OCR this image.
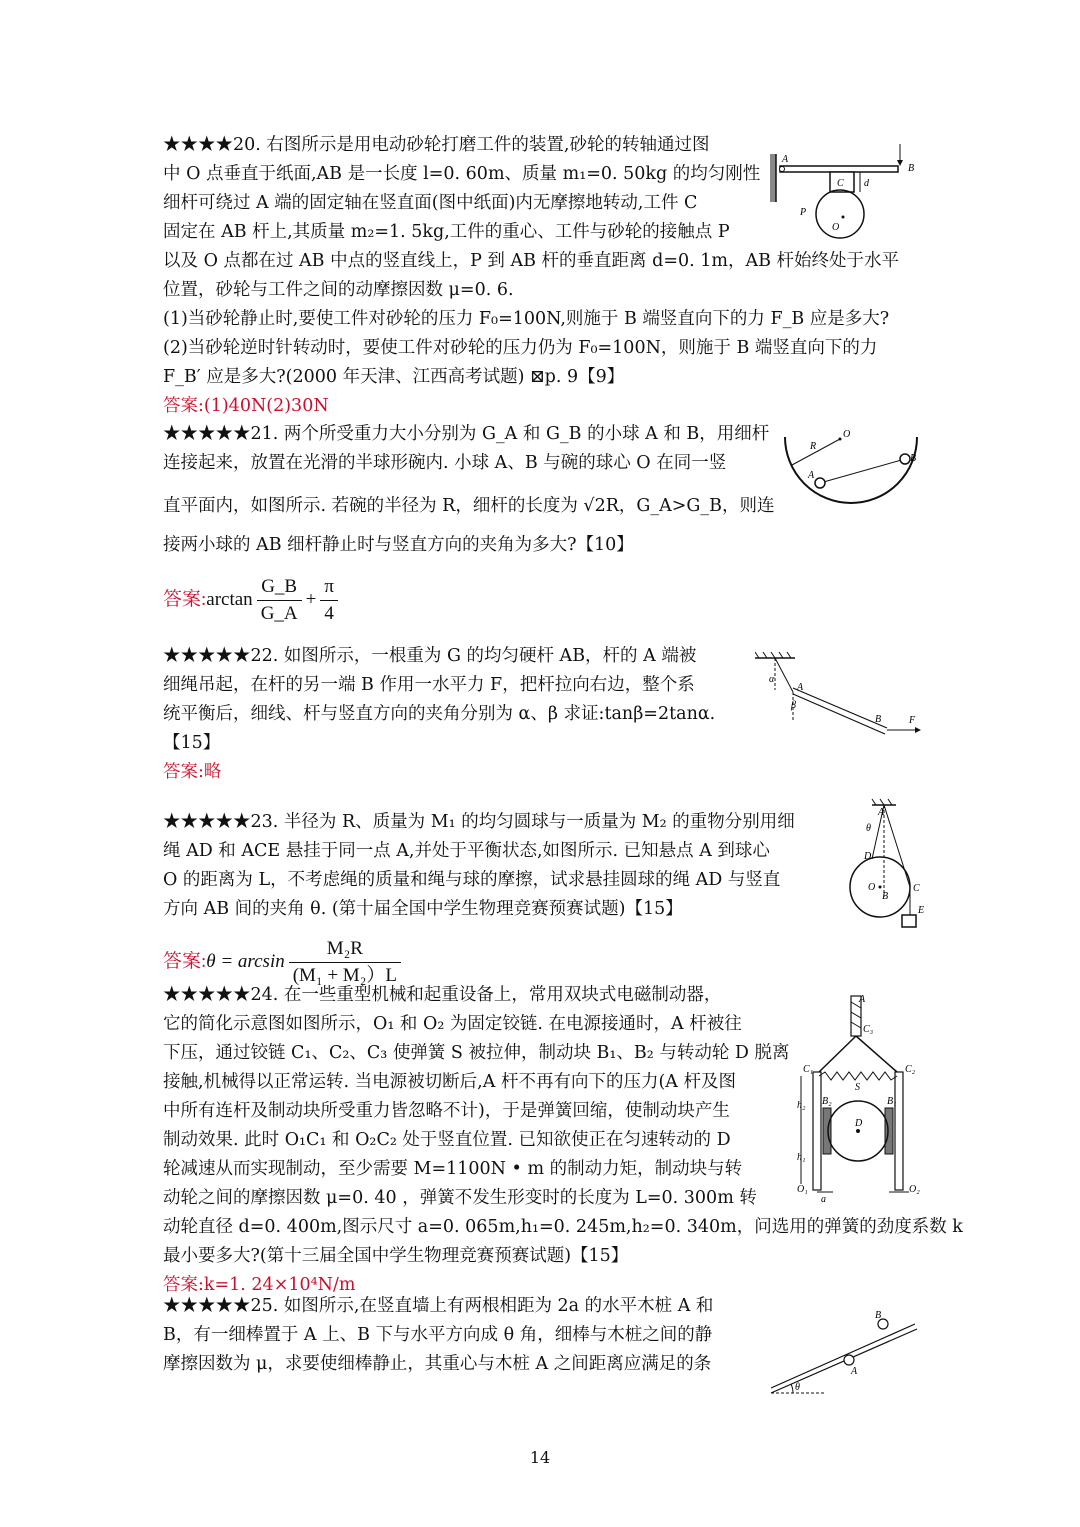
★★★★20. 右图所示是用电动砂轮打磨工件的装置,砂轮的转轴通过图
中 O 点垂直于纸面,AB 是一长度 l=0. 60m、质量 m₁=0. 50kg 的均匀刚性
细杆可绕过 A 端的固定轴在竖直面(图中纸面)内无摩擦地转动,工件 C
固定在 AB 杆上,其质量 m₂=1. 5kg,工件的重心、工件与砂轮的接触点 P
以及 O 点都在过 AB 中点的竖直线上，P 到 AB 杆的垂直距离 d=0. 1m，AB 杆始终处于水平
位置，砂轮与工件之间的动摩擦因数 μ=0. 6.
(1)当砂轮静止时,要使工件对砂轮的压力 F₀=100N,则施于 B 端竖直向下的力 F_B 应是多大?
(2)当砂轮逆时针转动时，要使工件对砂轮的压力仍为 F₀=100N，则施于 B 端竖直向下的力
F_B′ 应是多大?(2000 年天津、江西高考试题) ⊠p. 9【9】
答案:(1)40N(2)30N
A
B
C d
P
O
★★★★★21. 两个所受重力大小分别为 G_A 和 G_B 的小球 A 和 B，用细杆
连接起来，放置在光滑的半球形碗内. 小球 A、B 与碗的球心 O 在同一竖
直平面内，如图所示. 若碗的半径为 R，细杆的长度为 √2R，G_A>G_B，则连
接两小球的 AB 细杆静止时与竖直方向的夹角为多大?【10】
答案:arctan $\frac{G\_B}{G\_A} + \frac{\pi}{4}$
O
R
A
B
★★★★★22. 如图所示，一根重为 G 的均匀硬杆 AB，杆的 A 端被
细绳吊起，在杆的另一端 B 作用一水平力 F，把杆拉向右边，整个系
统平衡后，细线、杆与竖直方向的夹角分别为 α、β 求证:tanβ=2tanα.
【15】
答案:略
α
A
β
B	F
★★★★★23. 半径为 R、质量为 M₁ 的均匀圆球与一质量为 M₂ 的重物分别用细
绳 AD 和 ACE 悬挂于同一点 A,并处于平衡状态,如图所示. 已知悬点 A 到球心
O 的距离为 L，不考虑绳的质量和绳与球的摩擦，试求悬挂圆球的绳 AD 与竖直
方向 AB 间的夹角 θ. (第十届全国中学生物理竞赛预赛试题)【15】
答案:θ = $\arcsin \frac{\text{M₂R}}{\text{(M₁ + M₂）L}}$
A
θ
D
O
B
C
E
★★★★★24. 在一些重型机械和起重设备上，常用双块式电磁制动器，
它的简化示意图如图所示，O₁ 和 O₂ 为固定铰链. 在电源接通时，A 杆被往
下压，通过铰链 C₁、C₂、C₃ 使弹簧 S 被拉伸，制动块 B₁、B₂ 与转动轮 D 脱离
接触,机械得以正常运转. 当电源被切断后,A 杆不再有向下的压力(A 杆及图
中所有连杆及制动块所受重力皆忽略不计)，于是弹簧回缩，使制动块产生
制动效果. 此时 O₁C₁ 和 O₂C₂ 处于竖直位置. 已知欲使正在匀速转动的 D
轮减速从而实现制动，至少需要 M=1100N • m 的制动力矩，制动块与转
动轮之间的摩擦因数 μ=0. 40 ，弹簧不发生形变时的长度为 L=0. 300m 转
动轮直径 d=0. 400m,图示尺寸 a=0. 065m,h₁=0. 245m,h₂=0. 340m，问选用的弹簧的劲度系数 k
最小要多大?(第十三届全国中学生物理竞赛预赛试题)【15】
答案:k=1. 24×10⁴N/m
A
C₃
C₁	C₂
S
h₂ B₂	B₁
D
h₁
O₁
a
O₂
★★★★★25. 如图所示,在竖直墙上有两根相距为 2a 的水平木桩 A 和
B，有一细棒置于 A 上、B 下与水平方向成 θ 角，细棒与木桩之间的静
摩擦因数为 μ，求要使细棒静止，其重心与木桩 A 之间距离应满足的条
B
A
θ
14
